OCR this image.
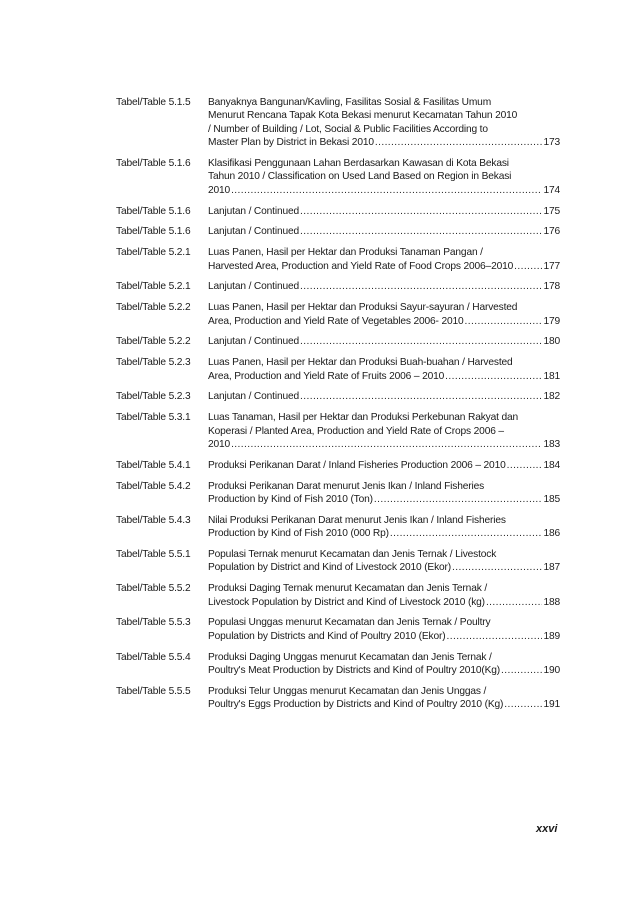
Tabel/Table 5.1.5	Banyaknya Bangunan/Kavling, Fasilitas Sosial & Fasilitas Umum
Menurut Rencana Tapak Kota Bekasi menurut Kecamatan Tahun 2010
/ Number of Building / Lot, Social & Public Facilities According to
Master Plan by District in Bekasi 2010 .....	173
Tabel/Table 5.1.6	Klasifikasi Penggunaan Lahan Berdasarkan Kawasan di Kota Bekasi
Tahun 2010 / Classification on Used Land Based on Region in Bekasi
2010 .....	174
Tabel/Table 5.1.6	Lanjutan / Continued .....	175
Tabel/Table 5.1.6	Lanjutan / Continued .....	176
Tabel/Table 5.2.1	Luas Panen, Hasil per Hektar dan Produksi Tanaman Pangan /
Harvested Area, Production and Yield Rate of Food Crops 2006–2010 .....	177
Tabel/Table 5.2.1	Lanjutan / Continued .....	178
Tabel/Table 5.2.2	Luas Panen, Hasil per Hektar dan Produksi Sayur-sayuran / Harvested
Area, Production and Yield Rate of Vegetables 2006- 2010 .....	179
Tabel/Table 5.2.2	Lanjutan / Continued .....	180
Tabel/Table 5.2.3	Luas Panen, Hasil per Hektar dan Produksi Buah-buahan / Harvested
Area, Production and Yield Rate of Fruits 2006 – 2010 .....	181
Tabel/Table 5.2.3	Lanjutan / Continued .....	182
Tabel/Table 5.3.1	Luas Tanaman, Hasil per Hektar dan Produksi Perkebunan Rakyat dan
Koperasi / Planted Area, Production and Yield Rate of Crops 2006 –
2010 .....	183
Tabel/Table 5.4.1	Produksi Perikanan Darat / Inland Fisheries Production 2006 – 2010 .....	184
Tabel/Table 5.4.2	Produksi Perikanan Darat menurut Jenis Ikan / Inland Fisheries
Production by Kind of Fish 2010 (Ton) .....	185
Tabel/Table 5.4.3	Nilai Produksi Perikanan Darat menurut Jenis Ikan / Inland Fisheries
Production by Kind of Fish 2010 (000 Rp) .....	186
Tabel/Table 5.5.1	Populasi Ternak menurut Kecamatan dan Jenis Ternak / Livestock
Population by District and Kind of Livestock 2010 (Ekor) .....	187
Tabel/Table 5.5.2	Produksi Daging Ternak menurut Kecamatan dan Jenis Ternak /
Livestock Population by District and Kind of Livestock 2010 (kg) .....	188
Tabel/Table 5.5.3	Populasi Unggas menurut Kecamatan dan Jenis Ternak / Poultry
Population by Districts and Kind of Poultry 2010 (Ekor) .....	189
Tabel/Table 5.5.4	Produksi Daging Unggas menurut Kecamatan dan Jenis Ternak /
Poultry's Meat Production by Districts and Kind of Poultry 2010(Kg) .....	190
Tabel/Table 5.5.5	Produksi Telur Unggas menurut Kecamatan dan Jenis Unggas /
Poultry's Eggs Production by Districts and Kind of Poultry 2010 (Kg) .....	191
xxvi
